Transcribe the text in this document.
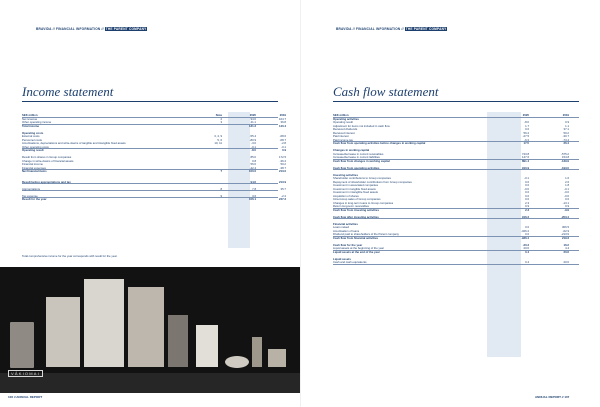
BRAVIDA // FINANCIAL INFORMATION // THE PARENT COMPANY
Income statement
SEK million	Note	2020	2019
Net revenue	2	94.6	104.7
Other operating income	3	41.1	36.8
Total income	131.2	140.4
Operating costs
External costs	3, 4, 9	-55.4	-68.0
Personnel costs	5, 6	-80.9	-68.7
Amortisations, depreciations and write-downs of tangible and intangible fixed assets	10, 11	-3.0	-2.8
Other operating costs	-0.1	-0.1
Operating result	-8.0	0.9
Result from shares in Group companies	85.0	172.5
Change in write-downs of financial assets	0.8	-36.2
Financial income	56.6	50.2
Financial expenses	-42.4	-38.7
Net financial items	7	100.0	213.0
Result before appropriations and tax	94.6	213.9
Appropriations	8	7.8	35.7
Tax expense	9	3.6	-2.4
Result for the year	106.1	247.2
Total comprehensive income for the year corresponds with result for the year.
VÅKIOMAI
106 // ANNUAL REPORT
BRAVIDA // FINANCIAL INFORMATION // THE PARENT COMPANY
Cash flow statement
SEK million	2020	2019
Operating activities
Operating result	-8.0	0.9
Adjustment for items not included in cash flow	1.7	1.1
Received dividends	0.0	37.1
Received interest	56.4	50.2
Paid interest	-27.5	-30.7
Paid income tax	-6.3	-73.4
Cash flow from operating activities before changes in working capital	17.5	26.4
Changes in working capital
Increase/decrease in current receivables	743.8	-575.2
Increase/decrease in current liabilities	147.6	154.8
Cash flow from changes in working capital	891.4	-139.9
Cash flow from operating activities	910.9	-193.0
Investing activities
Shareholder contributions to Group companies	-0.1	1.6
Repayment of shareholder contributions from Group companies	0.0	2.6
Investment in associated companies	0.0	1.8
Investment in tangible fixed assets	-0.6	-0.1
Investment in intangible fixed assets	0.0	-0.0
Acquisition of shares	0.0	-0.6
Intra-Group sales of Group companies	0.0	0.0
Changes in long-term loans to Group companies	2.3	-13.1
Return long-term receivables	0.9	0.9
Cash flow from investing activities	2.3	-9.9
Cash flow after investing activities	916.2	-203.4
Financial activities
Loans raised	0.0	306.5
Amortisation of loans	-326.4	-62.9
Dividend paid to shareholders of the Parent company	0.0	-213.9
Cash flow from financial activities	-936.4	219.6
Cash flow for the year	-20.2	16.2
Liquid assets at the beginning of the year	20.6	4.4
Liquid assets at the end of the year	0.4	20.6
Liquid assets
Cash and cash equivalents	0.4	20.6
ANNUAL REPORT // 107
